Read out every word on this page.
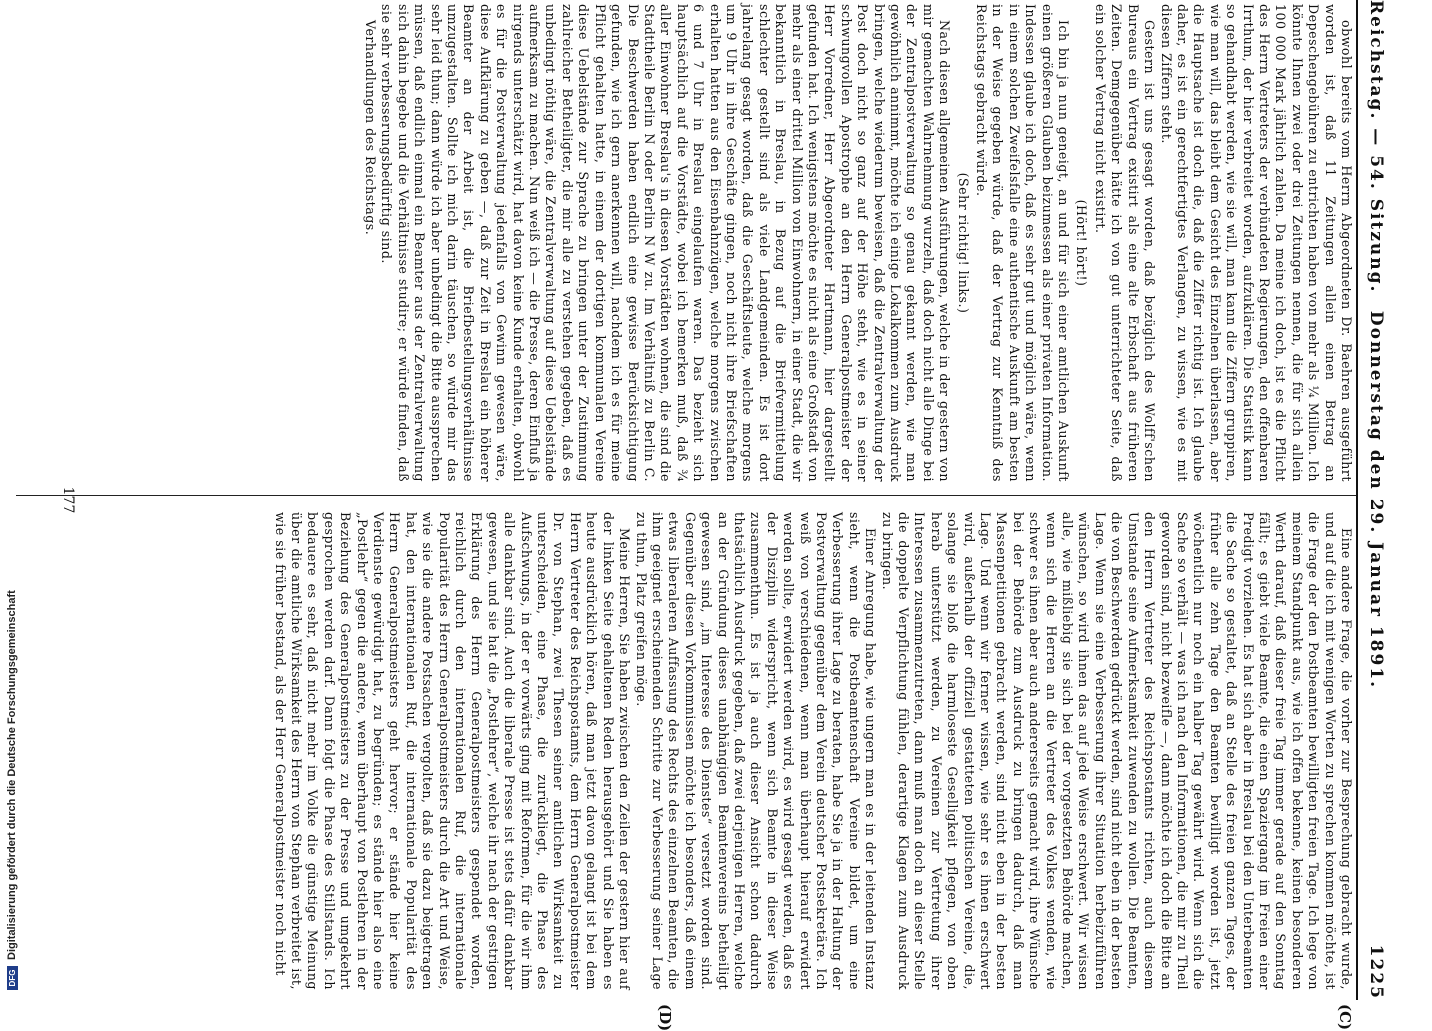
Reichstag. — 54. Sitzung.
Donnerstag den 29. Januar 1891.
1225
(C)
(D)

obwohl bereits vom Herrn Abgeordneten Dr. Baehren ausgeführt worden ist, daß 11 Zeitungen allein einen Betrag an Depeschengebühren zu entrichten haben von mehr als ¼ Million. Ich könnte Ihnen zwei oder drei Zeitungen nennen, die für sich allein 100 000 Mark jährlich zahlen. Da meine ich doch, ist es die Pflicht des Herrn Vertreters der verbündeten Regierungen, den offenbaren Irrthum, der hier verbreitet worden, aufzuklären. Die Statistik kann so gehandhabt werden, wie sie will, man kann die Ziffern gruppiren, wie man will, das bleibt dem Gesicht des Einzelnen überlassen, aber die Hauptsache ist doch die, daß die Ziffer richtig ist. Ich glaube daher, es ist ein gerechtfertigtes Verlangen, zu wissen, wie es mit diesen Ziffern steht.

Gestern ist uns gesagt worden, daß bezüglich des Wolff'schen Bureaus ein Vertrag existirt als eine alte Erbschaft aus früheren Zeiten. Demgegenüber hätte ich von gut unterrichteter Seite, daß ein solcher Vertrag nicht existirt.

(Hört! hört!)

Ich bin ja nun geneigt, an und für sich einer amtlichen Auskunft einen größeren Glauben beizumessen als einer privaten Information. Indessen glaube ich doch, daß es sehr gut und möglich wäre, wenn in einem solchen Zweifelsfalle eine authentische Auskunft am besten in der Weise gegeben würde, daß der Vertrag zur Kenntniß des Reichstags gebracht würde.

(Sehr richtig! links.)

Nach diesen allgemeinen Ausführungen, welche in der gestern von mir gemachten Wahrnehmung wurzeln, daß doch nicht alle Dinge bei der Zentralpostverwaltung so genau gekannt werden, wie man gewöhnlich annimmt, möchte ich einige Lokalkommen zum Ausdruck bringen, welche wiederum beweisen, daß die Zentralverwaltung der Post doch nicht so ganz auf der Höhe steht, wie es in seiner schwungvollen Apostrophe an den Herrn Generalpostmeister der Herr Vorredner, Herr Abgeordneter Hartmann, hier dargestellt gefunden hat. Ich wenigstens möchte es nicht als eine Großstadt von mehr als einer drittel Million von Einwohnern, in einer Stadt, die wir bekanntlich in Breslau, in Bezug auf die Briefvermittelung schlechter gestellt sind als viele Landgemeinden. Es ist dort jahrelang gesagt worden, daß die Geschäftsleute, welche morgens um 9 Uhr in ihre Geschäfte gingen, noch nicht ihre Briefschaften erhalten hatten aus den Eisenbahnzügen, welche morgens zwischen 6 und 7 Uhr in Breslau eingelaufen waren. Das bezieht sich hauptsächlich auf die Vorstädte, wobei ich bemerken muß, daß ¾ aller Einwohner Breslau's in diesen Vorstädten wohnen, die sind die Stadttheile Berlin N oder Berlin N W zu. Im Verhältniß zu Berlin C. Die Beschwerden haben endlich eine gewisse Berücksichtigung gefunden, wie ich gern anerkennen will, nachdem ich es für meine Pflicht gehalten hatte, in einem der dortigen kommunalen Vereine diese Uebelstände zur Sprache zu bringen unter der Zustimmung zahlreicher Betheiligter, die mir alle zu verstehen gegeben, daß es unbedingt nöthig wäre, die Zentralverwaltung auf diese Uebelstände aufmerksam zu machen. Nun weiß ich — die Presse, deren Einfluß ja nirgends unterschätzt wird, hat davon keine Kunde erhalten, obwohl es für die Postverwaltung jedenfalls von Gewinn gewesen wäre, diese Aufklärung zu geben —, daß zur Zeit in Breslau ein höherer Beamter an der Arbeit ist, die Briefbestellungsverhältnisse umzugestalten. Sollte ich mich darin täuschen, so würde mir das sehr leid thun; dann würde ich aber unbedingt die Bitte aussprechen müssen, daß endlich einmal ein Beamter aus der Zentralverwaltung sich dahin begebe und die Verhältnisse studire; er würde finden, daß sie sehr verbesserungsbedürftig sind.

Verhandlungen des Reichstags.

Eine andere Frage, die vorher zur Besprechung gebracht wurde, und auf die ich mit wenigen Worten zu sprechen kommen möchte, ist die Frage der den Postbeamten bewilligten freien Tage. Ich lege von meinem Standpunkt aus, wie ich offen bekenne, keinen besonderen Werth darauf, daß dieser freie Tag immer gerade auf den Sonntag fällt; es giebt viele Beamte, die einen Spaziergang im Freien einer Predigt vorziehen. Es hat sich aber in Breslau bei den Unterbeamten die Sache so gestaltet, daß an Stelle des freien ganzen Tages, der früher alle zehn Tage den Beamten bewilligt worden ist, jetzt wöchentlich nur noch ein halber Tag gewährt wird. Wenn sich die Sache so verhält — was ich nach den Informationen, die mir zu Theil geworden sind, nicht bezweifle —, dann möchte ich doch die Bitte an den Herrn Vertreter des Reichspostamts richten, auch diesem Umstande seine Aufmerksamkeit zuwenden zu wollen. Die Beamten, die von Beschwerden gedrückt werden, sind nicht eben in der besten Lage. Wenn sie eine Verbesserung ihrer Situation herbeizuführen wünschen, so wird ihnen das auf jede Weise erschwert. Wir wissen alle, wie mißliebig sie sich bei der vorgesetzten Behörde machen, wenn sich die Herren an die Vertreter des Volkes wenden, wie schwer es ihnen aber auch andererseits gemacht wird, ihre Wünsche bei der Behörde zum Ausdruck zu bringen dadurch, daß man Massenpetitionen gebracht werden, sind nicht eben in der besten Lage. Und wenn wir ferner wissen, wie sehr es ihnen erschwert wird, außerhalb der offiziell gestatteten politischen Vereine, die, solange sie bloß die harmloseste Geselligkeit pflegen, von oben herab unterstützt werden, zu Vereinen zur Vertretung ihrer Interessen zusammenzutreten, dann muß man doch an dieser Stelle die doppelte Verpflichtung fühlen, derartige Klagen zum Ausdruck zu bringen.

Einer Anregung habe, wie ungern man es in der leitenden Instanz sieht, wenn die Postbeamtenschaft Vereine bildet, um eine Verbesserung ihrer Lage zu beraten, habe Sie ja in der Haltung der Postverwaltung gegenüber dem Verein deutscher Postsekretäre. Ich weiß von verschiedenen, wenn man überhaupt hierauf erwidert werden sollte, erwidert werden wird, es wird gesagt werden, daß es der Disziplin widerspricht, wenn sich Beamte in dieser Weise zusammenthun. Es ist ja auch dieser Ansicht schon dadurch thatsächlich Ausdruck gegeben, daß zwei derjenigen Herren, welche an der Gründung dieses unabhängigen Beamtenvereins betheiligt gewesen sind, „im Interesse des Dienstes“ versetzt worden sind. Gegenüber diesen Vorkommnissen möchte ich besonders, daß einem etwas liberaleren Auffassung des Rechts des einzelnen Beamten, die ihm geeignet erscheinenden Schritte zur Verbesserung seiner Lage zu thun, Platz greifen möge.

Meine Herren, Sie haben zwischen den Zeilen der gestern hier auf der linken Seite gehaltenen Reden herausgehört und Sie haben es heute ausdrücklich hören, daß man jetzt davon gelangt ist bei dem Herrn Vertreter des Reichspostamts, dem Herrn Generalpostmeister Dr. von Stephan, zwei Thesen seiner amtlichen Wirksamkeit zu unterscheiden, eine Phase, die zurückliegt, die Phase des Aufschwungs, in der er vorwärts ging mit Reformen, für die wir ihm alle dankbar sind. Auch die liberale Presse ist stets dafür dankbar gewesen, und sie hat die „Postlehrer“, welche ihr nach der gestrigen Erklärung des Herrn Generalpostmeisters gespendet worden, reichlich durch den internationalen Ruf, die internationale Popularität des Herrn Generalpostmeisters durch die Art und Weise, wie sie die andere Postsachen vergolten, daß sie dazu beigetragen hat, den internationalen Ruf, die internationale Popularität des Herrn Generalpostmeisters geht hervor; er stände hier keine Verdienste gewürdigt hat, zu begründen; es stände hier also eine „Postlehr“ gegen die andere, wenn überhaupt von Postlehren in der Beziehung des Generalpostmeisters zu der Presse und umgekehrt gesprochen werden darf. Dann folgt die Phase des Stillstands. Ich bedauere es sehr, daß nicht mehr im Volke die günstige Meinung über die amtliche Wirksamkeit des Herrn von Stephan verbreitet ist, wie sie früher bestand, als der Herr Generalpostmeister noch nicht

177
DFGDigitalisierung gefördert durch die Deutsche Forschungsgemeinschaft
